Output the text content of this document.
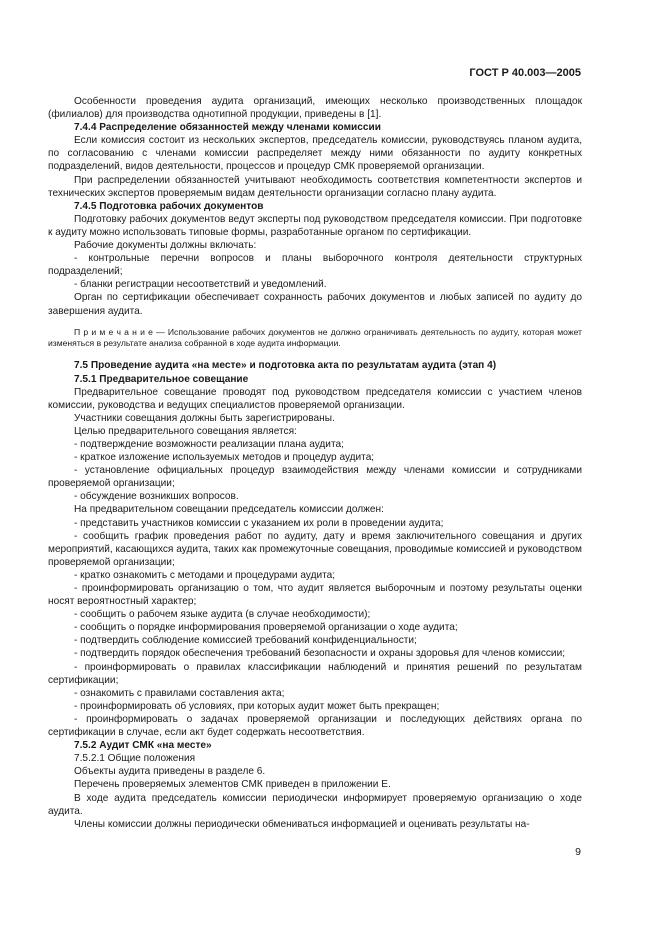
ГОСТ Р 40.003—2005

Особенности проведения аудита организаций, имеющих несколько производственных площадок (филиалов) для производства однотипной продукции, приведены в [1].

7.4.4 Распределение обязанностей между членами комиссии

Если комиссия состоит из нескольких экспертов, председатель комиссии, руководствуясь планом аудита, по согласованию с членами комиссии распределяет между ними обязанности по аудиту конкретных подразделений, видов деятельности, процессов и процедур СМК проверяемой организации.

При распределении обязанностей учитывают необходимость соответствия компетентности экспертов и технических экспертов проверяемым видам деятельности организации согласно плану аудита.

7.4.5 Подготовка рабочих документов

Подготовку рабочих документов ведут эксперты под руководством председателя комиссии. При подготовке к аудиту можно использовать типовые формы, разработанные органом по сертификации.

Рабочие документы должны включать:

- контрольные перечни вопросов и планы выборочного контроля деятельности структурных подразделений;

- бланки регистрации несоответствий и уведомлений.

Орган по сертификации обеспечивает сохранность рабочих документов и любых записей по аудиту до завершения аудита.

П р и м е ч а н и е — Использование рабочих документов не должно ограничивать деятельность по аудиту, которая может изменяться в результате анализа собранной в ходе аудита информации.

7.5 Проведение аудита «на месте» и подготовка акта по результатам аудита (этап 4)

7.5.1 Предварительное совещание

Предварительное совещание проводят под руководством председателя комиссии с участием членов комиссии, руководства и ведущих специалистов проверяемой организации.

Участники совещания должны быть зарегистрированы.

Целью предварительного совещания является:

- подтверждение возможности реализации плана аудита;

- краткое изложение используемых методов и процедур аудита;

- установление официальных процедур взаимодействия между членами комиссии и сотрудниками проверяемой организации;

- обсуждение возникших вопросов.

На предварительном совещании председатель комиссии должен:

- представить участников комиссии с указанием их роли в проведении аудита;

- сообщить график проведения работ по аудиту, дату и время заключительного совещания и других мероприятий, касающихся аудита, таких как промежуточные совещания, проводимые комиссией и руководством проверяемой организации;

- кратко ознакомить с методами и процедурами аудита;

- проинформировать организацию о том, что аудит является выборочным и поэтому результаты оценки носят вероятностный характер;

- сообщить о рабочем языке аудита (в случае необходимости);

- сообщить о порядке информирования проверяемой организации о ходе аудита;

- подтвердить соблюдение комиссией требований конфиденциальности;

- подтвердить порядок обеспечения требований безопасности и охраны здоровья для членов комиссии;

- проинформировать о правилах классификации наблюдений и принятия решений по результатам сертификации;

- ознакомить с правилами составления акта;

- проинформировать об условиях, при которых аудит может быть прекращен;

- проинформировать о задачах проверяемой организации и последующих действиях органа по сертификации в случае, если акт будет содержать несоответствия.

7.5.2 Аудит СМК «на месте»

7.5.2.1 Общие положения

Объекты аудита приведены в разделе 6.

Перечень проверяемых элементов СМК приведен в приложении Е.

В ходе аудита председатель комиссии периодически информирует проверяемую организацию о ходе аудита.

Члены комиссии должны периодически обмениваться информацией и оценивать результаты на-

9
